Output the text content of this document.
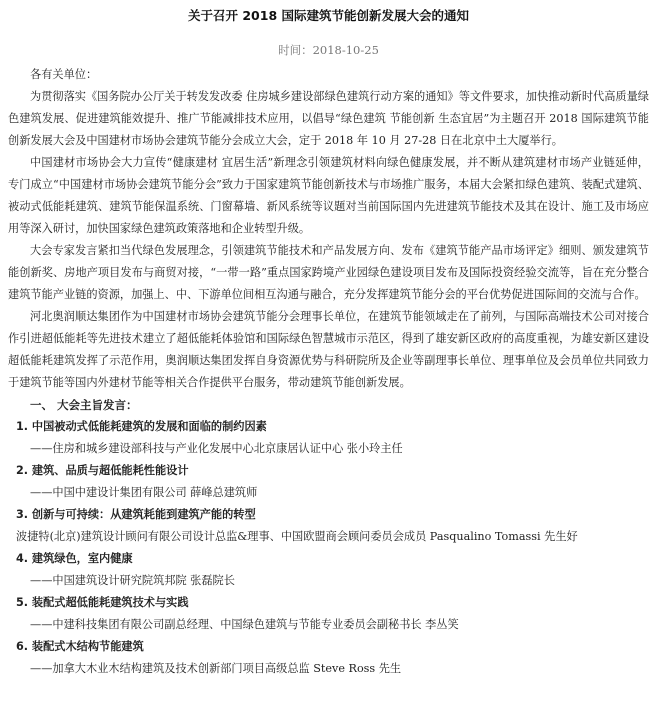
关于召开 2018 国际建筑节能创新发展大会的通知
时间：2018-10-25

各有关单位：

为贯彻落实《国务院办公厅关于转发发改委 住房城乡建设部绿色建筑行动方案的通知》等文件要求，加快推动新时代高质量绿色建筑发展、促进建筑能效提升、推广节能减排技术应用，以倡导“绿色建筑 节能创新 生态宜居”为主题召开 2018 国际建筑节能创新发展大会及中国建材市场协会建筑节能分会成立大会，定于 2018 年 10 月 27-28 日在北京中土大厦举行。

中国建材市场协会大力宣传“健康建材 宜居生活”新理念引领建筑材料向绿色健康发展，并不断从建筑建材市场产业链延伸，专门成立“中国建材市场协会建筑节能分会”致力于国家建筑节能创新技术与市场推广服务，本届大会紧扣绿色建筑、装配式建筑、被动式低能耗建筑、建筑节能保温系统、门窗幕墙、新风系统等议题对当前国际国内先进建筑节能技术及其在设计、施工及市场应用等深入研讨，加快国家绿色建筑政策落地和企业转型升级。

大会专家发言紧扣当代绿色发展理念，引领建筑节能技术和产品发展方向、发布《建筑节能产品市场评定》细则、颁发建筑节能创新奖、房地产项目发布与商贸对接，“一带一路”重点国家跨境产业园绿色建设项目发布及国际投资经验交流等，旨在充分整合建筑节能产业链的资源，加强上、中、下游单位间相互沟通与融合，充分发挥建筑节能分会的平台优势促进国际间的交流与合作。

河北奥润顺达集团作为中国建材市场协会建筑节能分会理事长单位，在建筑节能领域走在了前列，与国际高端技术公司对接合作引进超低能耗等先进技术建立了超低能耗体验馆和国际绿色智慧城市示范区，得到了雄安新区政府的高度重视，为雄安新区建设超低能耗建筑发挥了示范作用，奥润顺达集团发挥自身资源优势与科研院所及企业等副理事长单位、理事单位及会员单位共同致力于建筑节能等国内外建材节能等相关合作提供平台服务，带动建筑节能创新发展。

一、 大会主旨发言：

1. 中国被动式低能耗建筑的发展和面临的制约因素

——住房和城乡建设部科技与产业化发展中心北京康居认证中心 张小玲主任

2. 建筑、品质与超低能耗性能设计

——中国中建设计集团有限公司 薛峰总建筑师

3. 创新与可持续：从建筑耗能到建筑产能的转型

波捷特(北京)建筑设计顾问有限公司设计总监&理事、中国欧盟商会顾问委员会成员 Pasqualino Tomassi 先生好

4. 建筑绿色，室内健康

——中国建筑设计研究院筑邦院 张磊院长

5. 装配式超低能耗建筑技术与实践

——中建科技集团有限公司副总经理、中国绿色建筑与节能专业委员会副秘书长 李丛笑

6. 装配式木结构节能建筑

——加拿大木业木结构建筑及技术创新部门项目高级总监 Steve Ross 先生
